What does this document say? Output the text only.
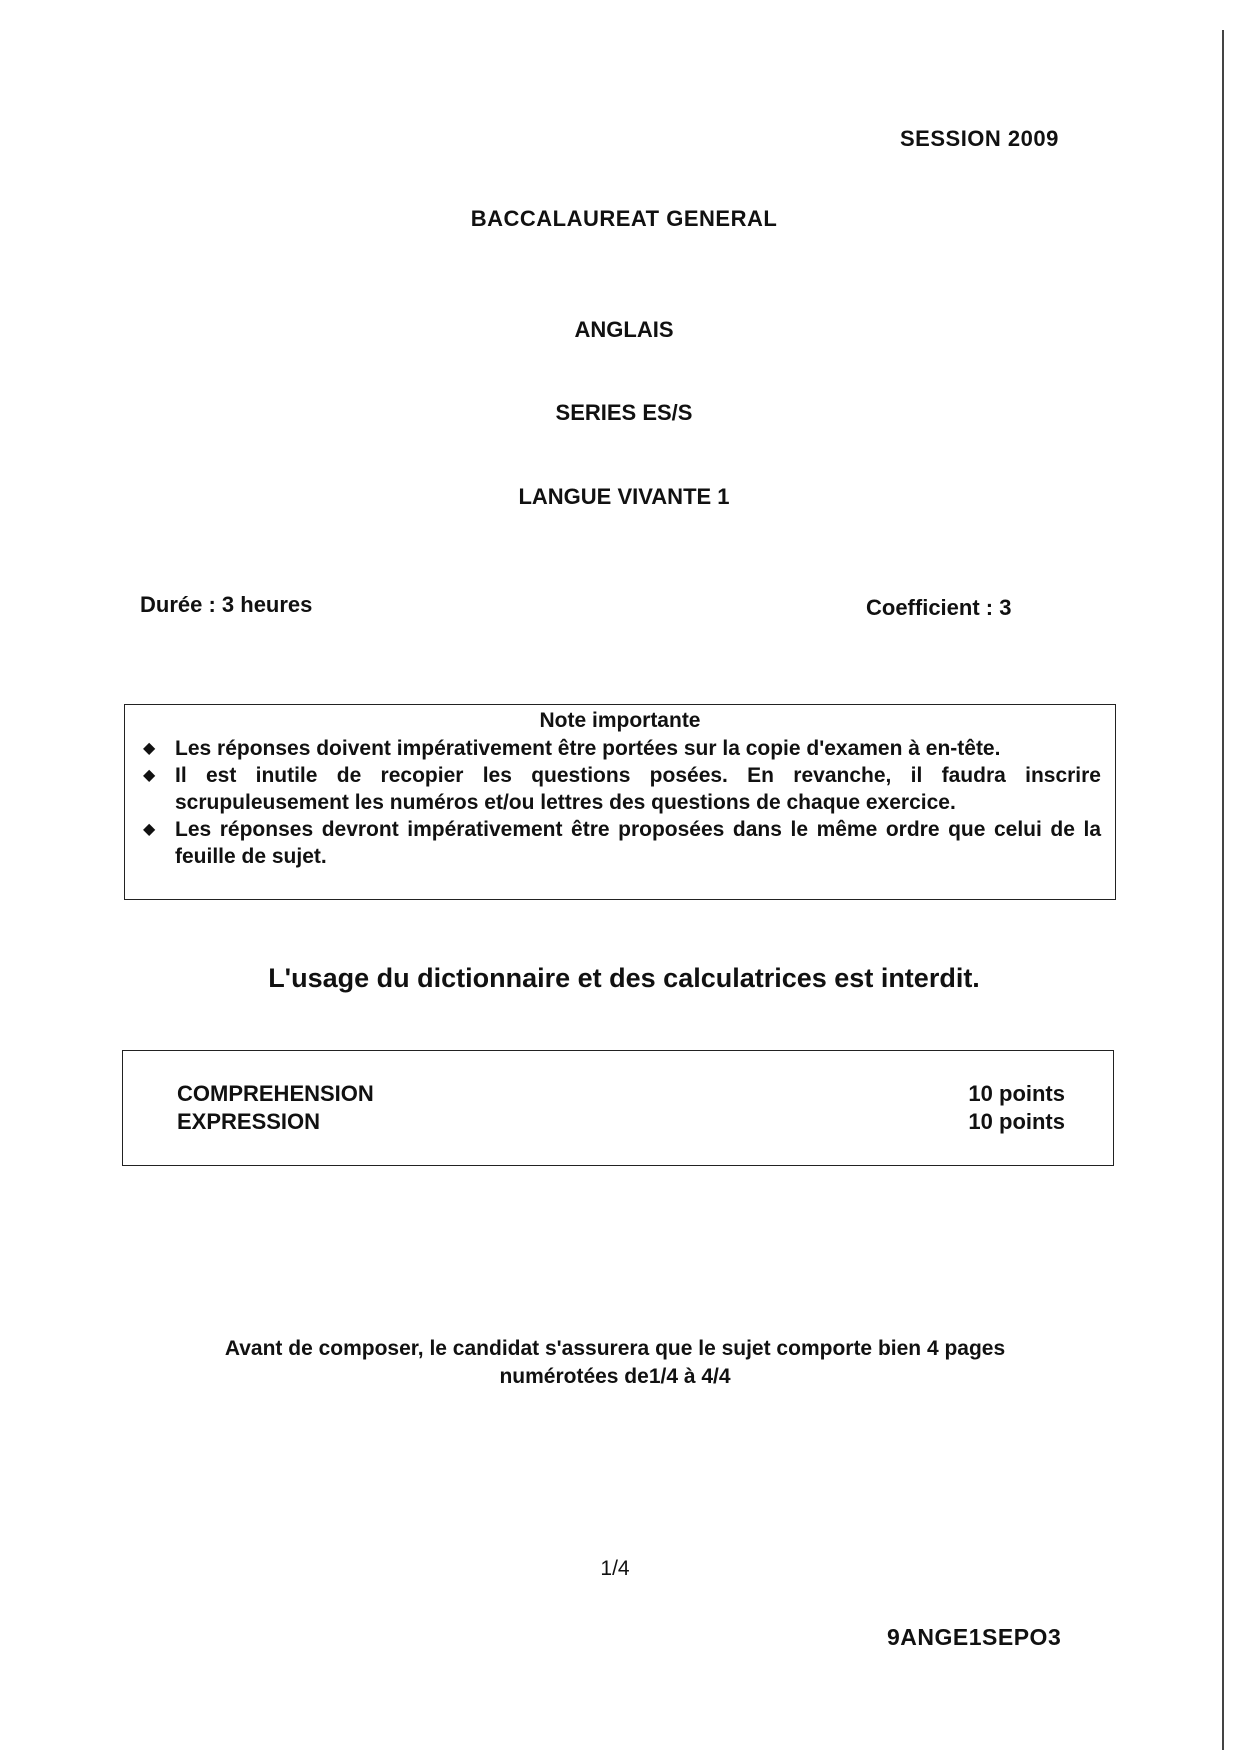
SESSION 2009
BACCALAUREAT GENERAL
ANGLAIS
SERIES ES/S
LANGUE VIVANTE 1
Durée : 3 heures	Coefficient : 3
Note importante
◆ Les réponses doivent impérativement être portées sur la copie d'examen à en-tête.
◆ Il est inutile de recopier les questions posées. En revanche, il faudra inscrire scrupuleusement les numéros et/ou lettres des questions de chaque exercice.
◆ Les réponses devront impérativement être proposées dans le même ordre que celui de la feuille de sujet.
L'usage du dictionnaire et des calculatrices est interdit.
COMPREHENSION	10 points
EXPRESSION	10 points
Avant de composer, le candidat s'assurera que le sujet comporte bien 4 pages
numérotées de1/4 à 4/4
1/4
9ANGE1SEPO3
